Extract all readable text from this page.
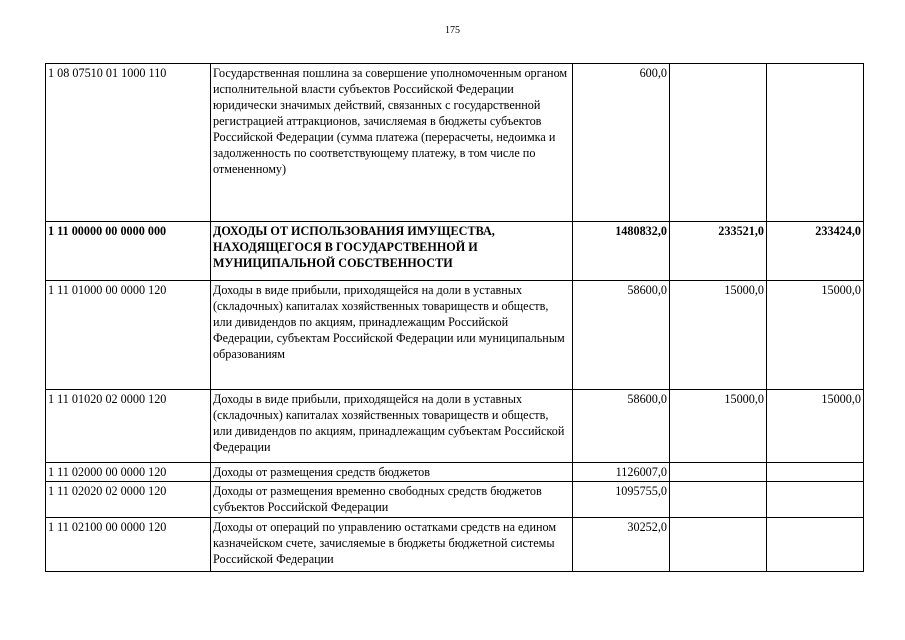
175
1 08 07510 01 1000 110	Государственная пошлина за совершение уполномоченным органом исполнительной власти субъектов Российской Федерации юридически значимых действий, связанных с государственной регистрацией аттракционов, зачисляемая в бюджеты субъектов Российской Федерации (сумма платежа (перерасчеты, недоимка и задолженность по соответствующему платежу, в том числе по отмененному)	600,0		
1 11 00000 00 0000 000	ДОХОДЫ ОТ ИСПОЛЬЗОВАНИЯ ИМУЩЕСТВА, НАХОДЯЩЕГОСЯ В ГОСУДАРСТВЕННОЙ И МУНИЦИПАЛЬНОЙ СОБСТВЕННОСТИ	1480832,0	233521,0	233424,0
1 11 01000 00 0000 120	Доходы в виде прибыли, приходящейся на доли в уставных (складочных) капиталах хозяйственных товариществ и обществ, или дивидендов по акциям, принадлежащим Российской Федерации, субъектам Российской Федерации или муниципальным образованиям	58600,0	15000,0	15000,0
1 11 01020 02 0000 120	Доходы в виде прибыли, приходящейся на доли в уставных (складочных) капиталах хозяйственных товариществ и обществ, или дивидендов по акциям, принадлежащим субъектам Российской Федерации	58600,0	15000,0	15000,0
1 11 02000 00 0000 120	Доходы от размещения средств бюджетов	1126007,0		
1 11 02020 02 0000 120	Доходы от размещения временно свободных средств бюджетов субъектов Российской Федерации	1095755,0		
1 11 02100 00 0000 120	Доходы от операций по управлению остатками средств на едином казначейском счете, зачисляемые в бюджеты бюджетной системы Российской Федерации	30252,0		
